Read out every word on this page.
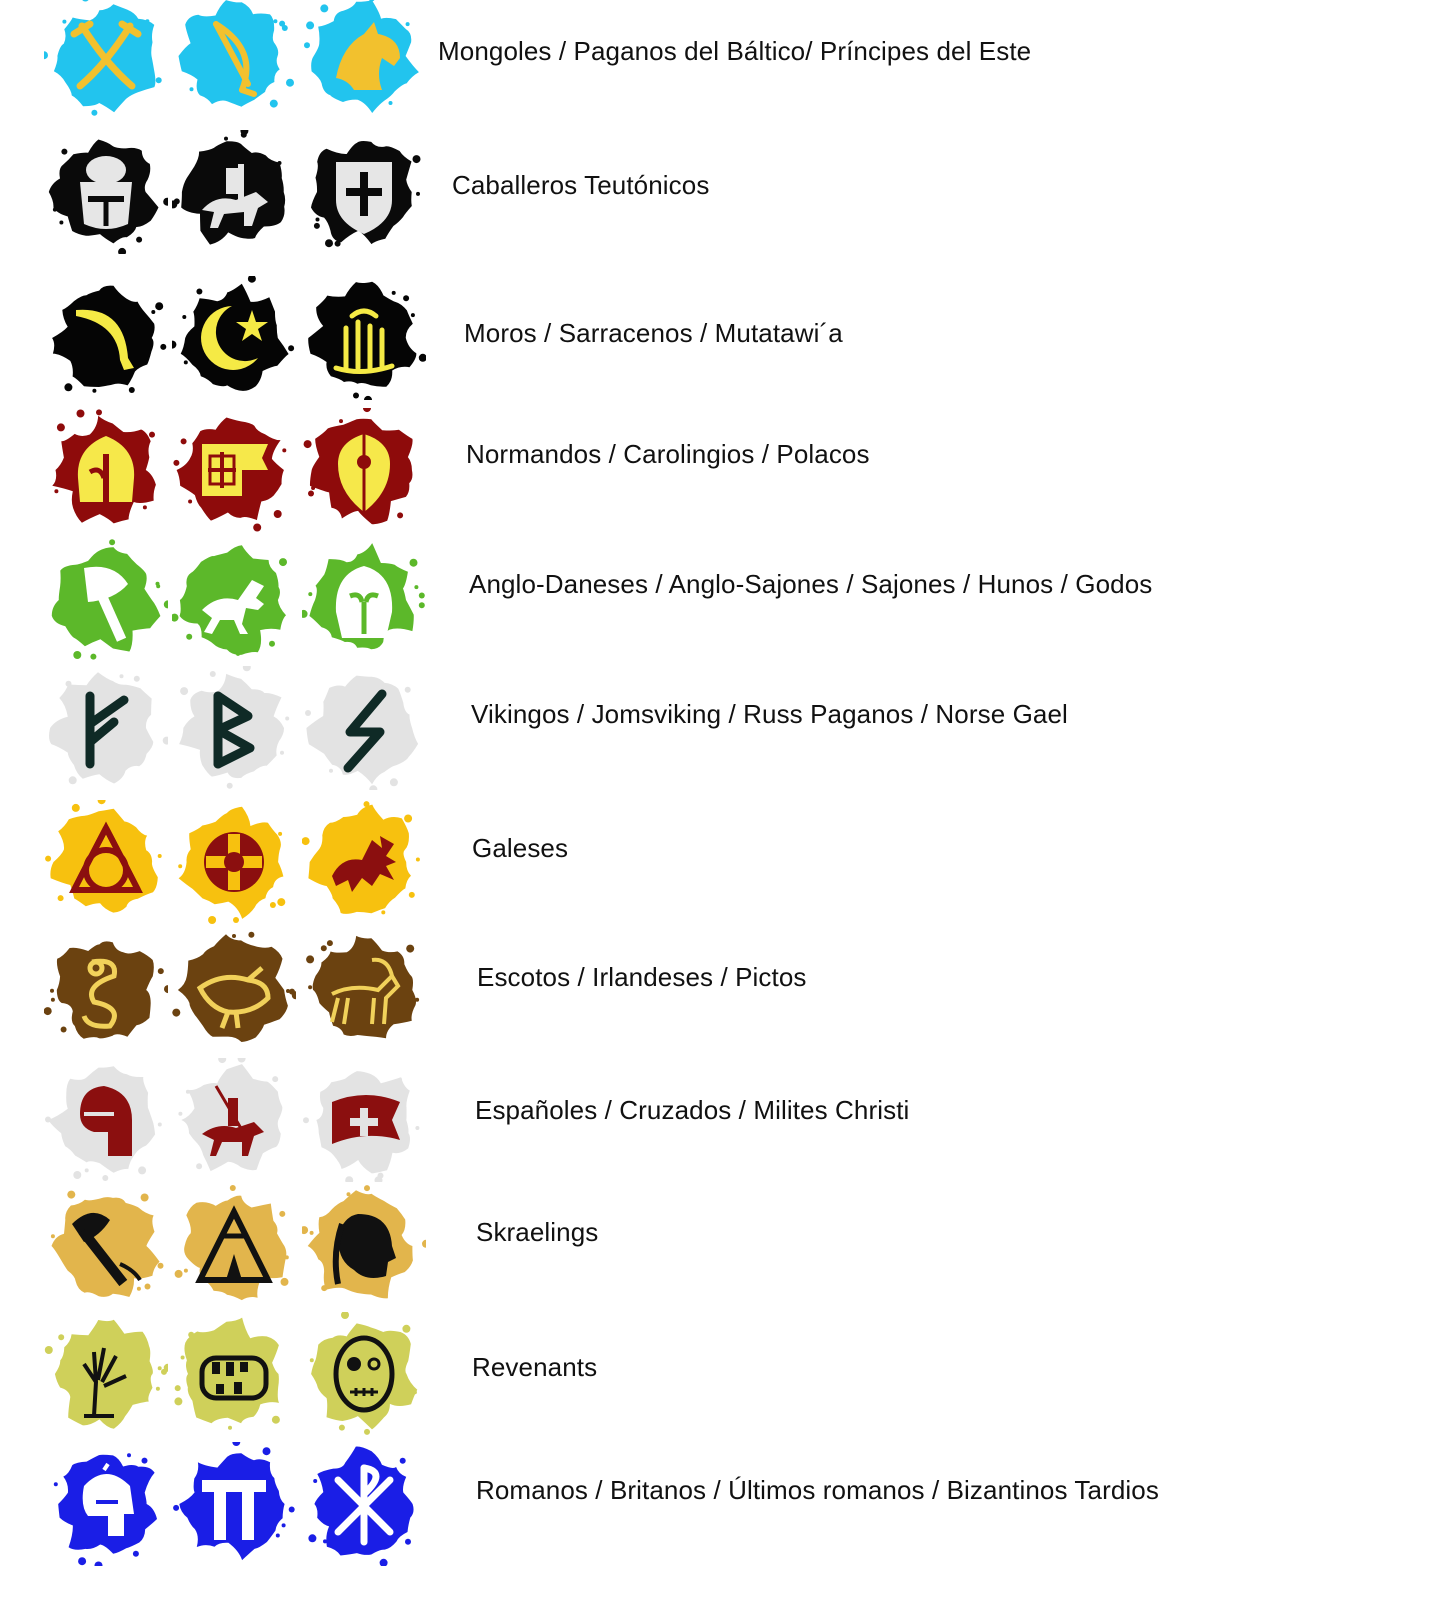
Mongoles / Paganos del Báltico/ Príncipes del Este
Caballeros Teutónicos
Moros / Sarracenos / Mutatawi´a
Normandos / Carolingios / Polacos
Anglo-Daneses / Anglo-Sajones / Sajones / Hunos / Godos
Vikingos / Jomsviking / Russ Paganos / Norse Gael
Galeses
Escotos / Irlandeses / Pictos
Españoles / Cruzados / Milites Christi
Skraelings
Revenants
Romanos / Britanos / Últimos romanos / Bizantinos Tardios
